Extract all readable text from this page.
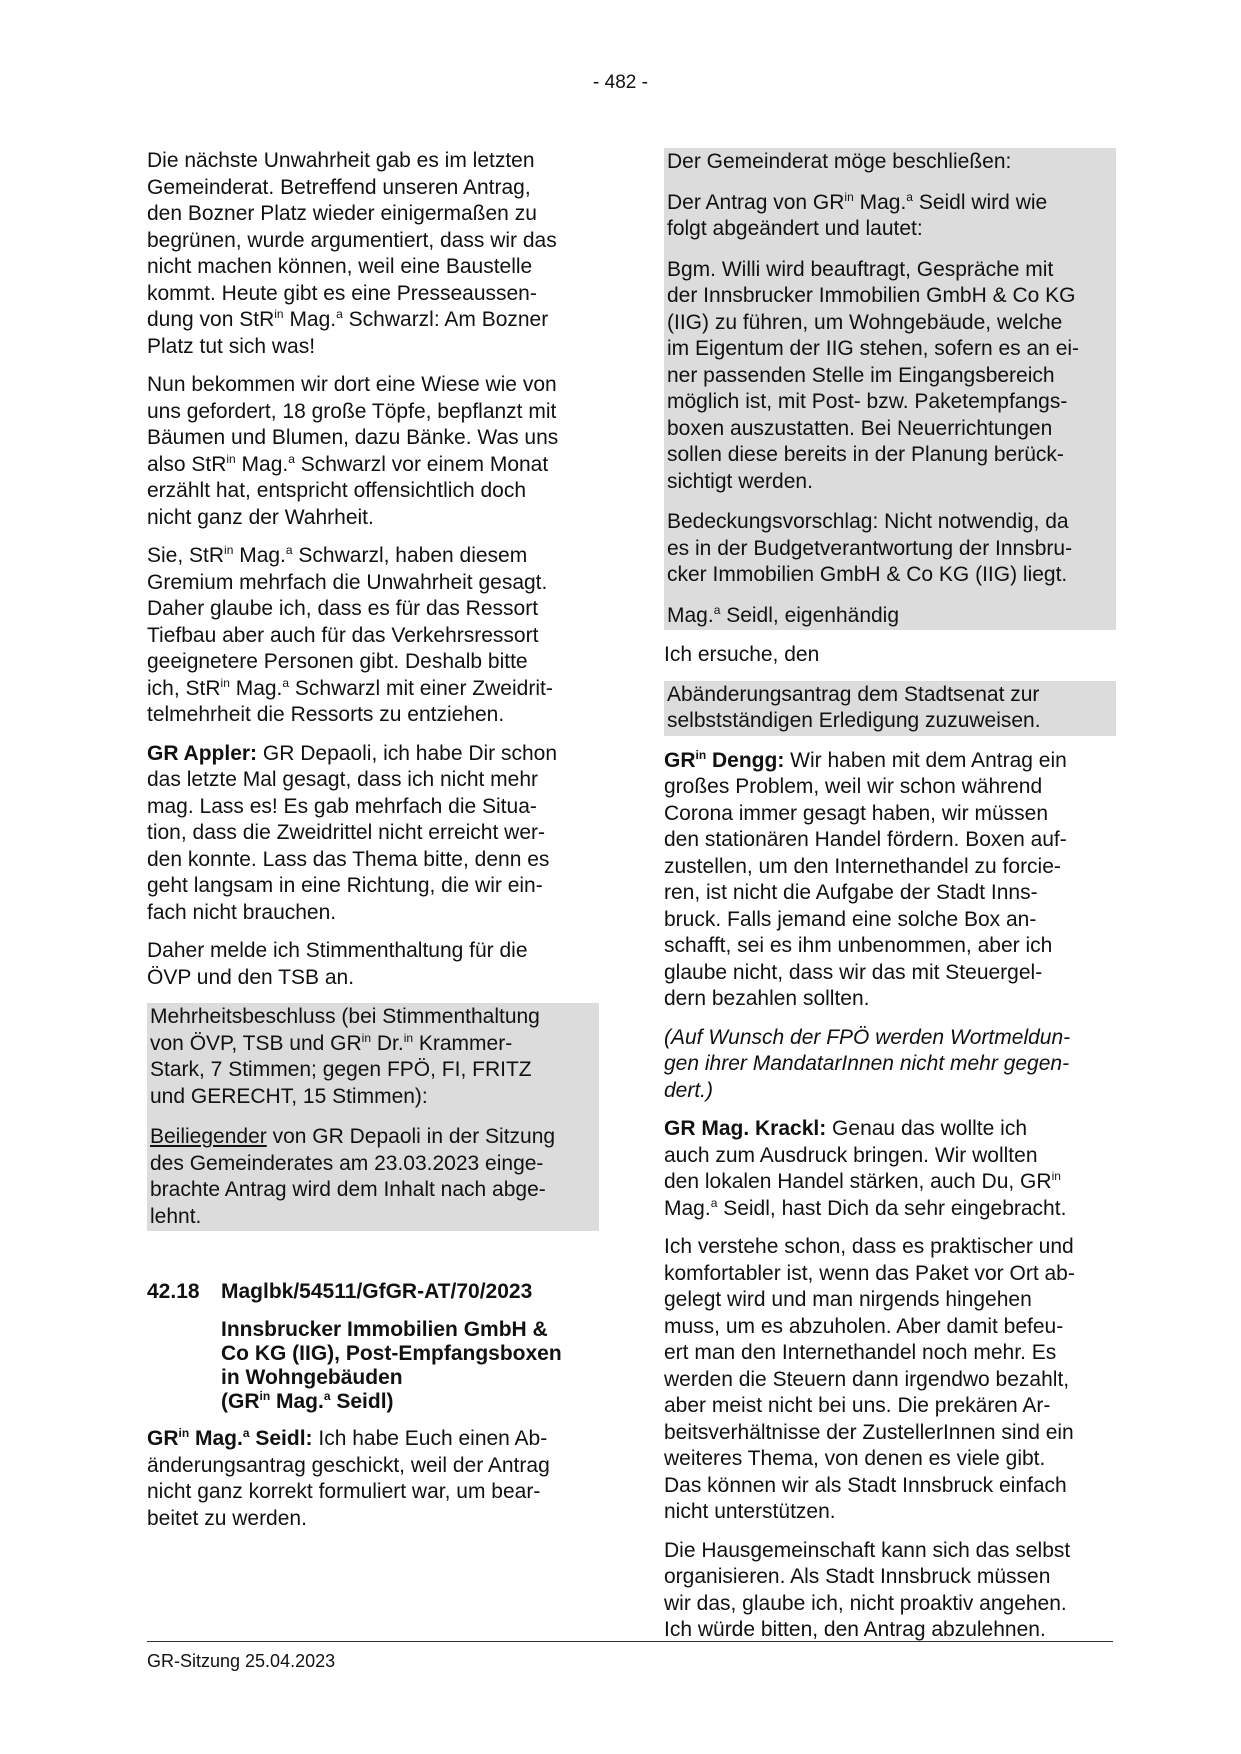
- 482 -

Die nächste Unwahrheit gab es im letzten
Gemeinderat. Betreffend unseren Antrag,
den Bozner Platz wieder einigermaßen zu
begrünen, wurde argumentiert, dass wir das
nicht machen können, weil eine Baustelle
kommt. Heute gibt es eine Presseaussen-
dung von StR$^{in}$ Mag.$^a$ Schwarzl: Am Bozner
Platz tut sich was!

Nun bekommen wir dort eine Wiese wie von
uns gefordert, 18 große Töpfe, bepflanzt mit
Bäumen und Blumen, dazu Bänke. Was uns
also StR$^{in}$ Mag.$^a$ Schwarzl vor einem Monat
erzählt hat, entspricht offensichtlich doch
nicht ganz der Wahrheit.

Sie, StR$^{in}$ Mag.$^a$ Schwarzl, haben diesem
Gremium mehrfach die Unwahrheit gesagt.
Daher glaube ich, dass es für das Ressort
Tiefbau aber auch für das Verkehrsressort
geeignetere Personen gibt. Deshalb bitte
ich, StR$^{in}$ Mag.$^a$ Schwarzl mit einer Zweidrit-
telmehrheit die Ressorts zu entziehen.

GR Appler: GR Depaoli, ich habe Dir schon
das letzte Mal gesagt, dass ich nicht mehr
mag. Lass es! Es gab mehrfach die Situa-
tion, dass die Zweidrittel nicht erreicht wer-
den konnte. Lass das Thema bitte, denn es
geht langsam in eine Richtung, die wir ein-
fach nicht brauchen.

Daher melde ich Stimmenthaltung für die
ÖVP und den TSB an.

Mehrheitsbeschluss (bei Stimmenthaltung
von ÖVP, TSB und $GR^{in}$ Dr.$^{in}$ Krammer-
Stark, 7 Stimmen; gegen FPÖ, FI, FRITZ
und GERECHT, 15 Stimmen):

Beiliegender von GR Depaoli in der Sitzung
des Gemeinderates am 23.03.2023 einge-
brachte Antrag wird dem Inhalt nach abge-
lehnt.

42.18 Maglbk/54511/GfGR-AT/70/2023
Innsbrucker Immobilien GmbH &
Co KG (IIG), Post-Empfangsboxen
in Wohngebäuden
($GR^{in}$ Mag.$^a$ Seidl)

$GR^{in}$ Mag.$^a$ Seidl: Ich habe Euch einen Ab-
änderungsantrag geschickt, weil der Antrag
nicht ganz korrekt formuliert war, um bear-
beitet zu werden.

Der Gemeinderat möge beschließen:

Der Antrag von $GR^{in}$ Mag.$^a$ Seidl wird wie
folgt abgeändert und lautet:

Bgm. Willi wird beauftragt, Gespräche mit
der Innsbrucker Immobilien GmbH & Co KG
(IIG) zu führen, um Wohngebäude, welche
im Eigentum der IIG stehen, sofern es an ei-
ner passenden Stelle im Eingangsbereich
möglich ist, mit Post- bzw. Paketempfangs-
boxen auszustatten. Bei Neuerrichtungen
sollen diese bereits in der Planung berück-
sichtigt werden.

Bedeckungsvorschlag: Nicht notwendig, da
es in der Budgetverantwortung der Innsbru-
cker Immobilien GmbH & Co KG (IIG) liegt.

Mag.$^a$ Seidl, eigenhändig

Ich ersuche, den

Abänderungsantrag dem Stadtsenat zur
selbstständigen Erledigung zuzuweisen.

$GR^{in}$ Dengg: Wir haben mit dem Antrag ein
großes Problem, weil wir schon während
Corona immer gesagt haben, wir müssen
den stationären Handel fördern. Boxen auf-
zustellen, um den Internethandel zu forcie-
ren, ist nicht die Aufgabe der Stadt Inns-
bruck. Falls jemand eine solche Box an-
schafft, sei es ihm unbenommen, aber ich
glaube nicht, dass wir das mit Steuergel-
dern bezahlen sollten.

(Auf Wunsch der FPÖ werden Wortmeldun-
gen ihrer MandatarInnen nicht mehr gegen-
dert.)

GR Mag. Krackl: Genau das wollte ich
auch zum Ausdruck bringen. Wir wollten
den lokalen Handel stärken, auch Du, $GR^{in}$
Mag.$^a$ Seidl, hast Dich da sehr eingebracht.

Ich verstehe schon, dass es praktischer und
komfortabler ist, wenn das Paket vor Ort ab-
gelegt wird und man nirgends hingehen
muss, um es abzuholen. Aber damit befeu-
ert man den Internethandel noch mehr. Es
werden die Steuern dann irgendwo bezahlt,
aber meist nicht bei uns. Die prekären Ar-
beitsverhältnisse der ZustellerInnen sind ein
weiteres Thema, von denen es viele gibt.
Das können wir als Stadt Innsbruck einfach
nicht unterstützen.

Die Hausgemeinschaft kann sich das selbst
organisieren. Als Stadt Innsbruck müssen
wir das, glaube ich, nicht proaktiv angehen.
Ich würde bitten, den Antrag abzulehnen.

GR-Sitzung 25.04.2023
